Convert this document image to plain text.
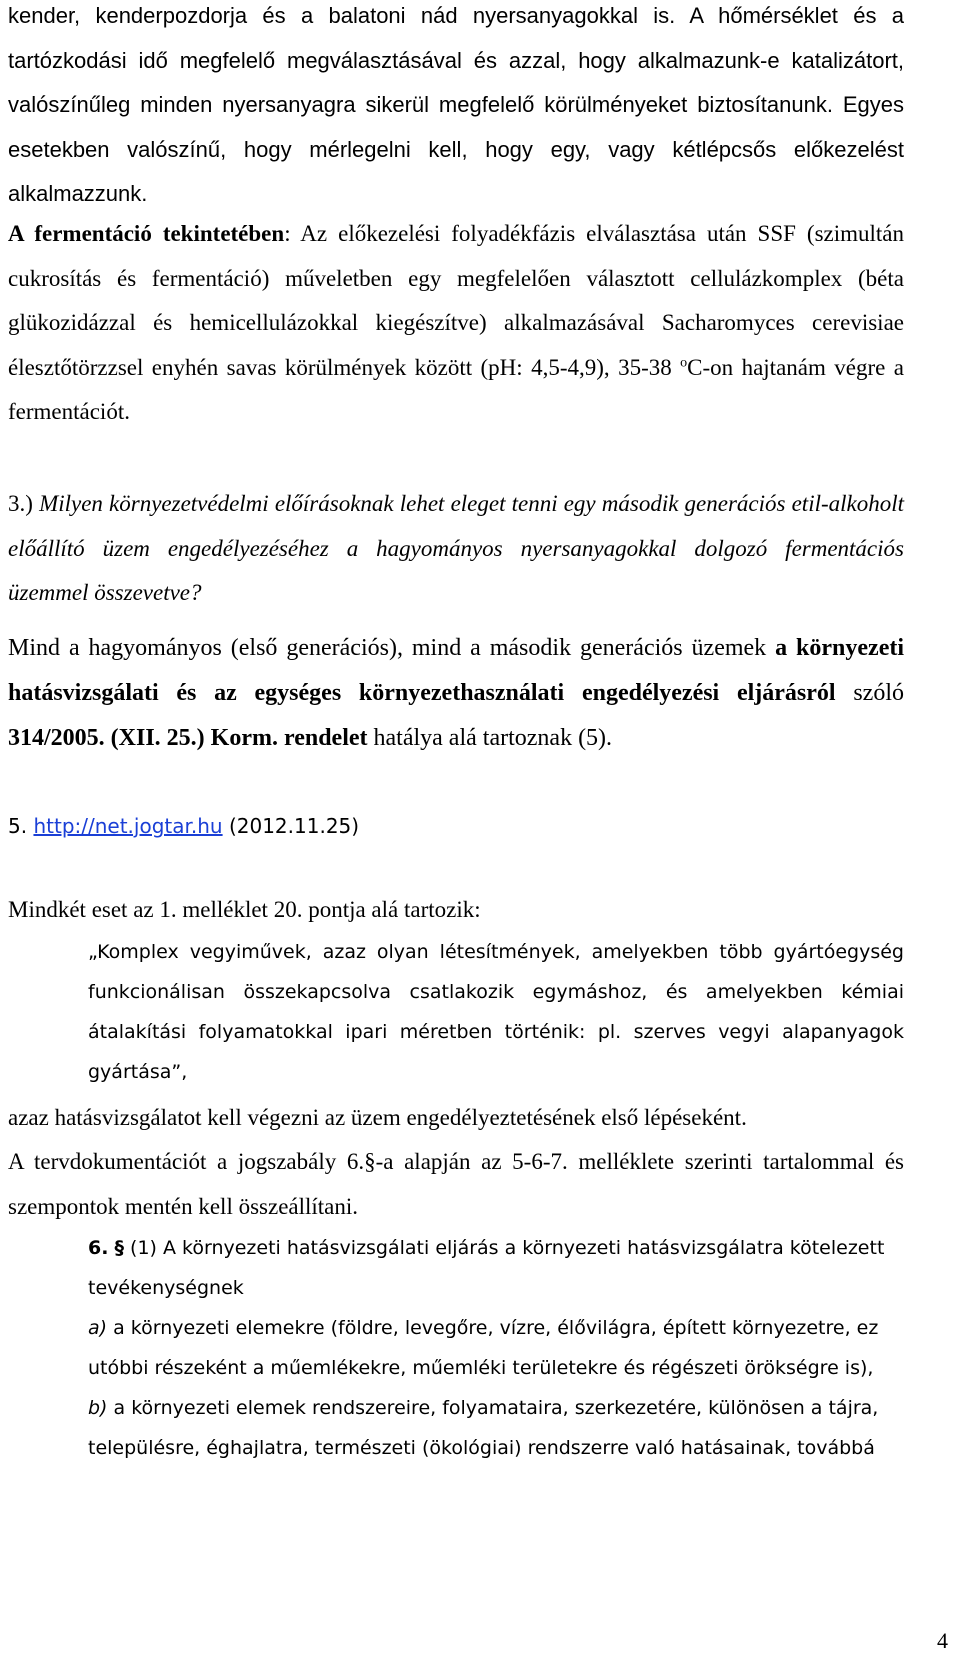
kender, kenderpozdorja és a balatoni nád nyersanyagokkal is. A hőmérséklet és a tartózkodási idő megfelelő megválasztásával és azzal, hogy alkalmazunk-e katalizátort, valószínűleg minden nyersanyagra sikerül megfelelő körülményeket biztosítanunk. Egyes esetekben valószínű, hogy mérlegelni kell, hogy egy, vagy kétlépcsős előkezelést alkalmazzunk.

A fermentáció tekintetében: Az előkezelési folyadékfázis elválasztása után SSF (szimultán cukrosítás és fermentáció) műveletben egy megfelelően választott cellulázkomplex (béta glükozidázzal és hemicellulázokkal kiegészítve) alkalmazásával Sacharomyces cerevisiae élesztőtörzzsel enyhén savas körülmények között (pH: 4,5-4,9), 35-38 $^o$C-on hajtanám végre a fermentációt.

3.) Milyen környezetvédelmi előírásoknak lehet eleget tenni egy második generációs etil-alkoholt előállító üzem engedélyezéséhez a hagyományos nyersanyagokkal dolgozó fermentációs üzemmel összevetve?

Mind a hagyományos (első generációs), mind a második generációs üzemek a környezeti hatásvizsgálati és az egységes környezethasználati engedélyezési eljárásról szóló 314/2005. (XII. 25.) Korm. rendelet hatálya alá tartoznak (5).

5. http://net.jogtar.hu (2012.11.25)

Mindkét eset az 1. melléklet 20. pontja alá tartozik:

„Komplex vegyiművek, azaz olyan létesítmények, amelyekben több gyártóegység funkcionálisan összekapcsolva csatlakozik egymáshoz, és amelyekben kémiai átalakítási folyamatokkal ipari méretben történik: pl. szerves vegyi alapanyagok gyártása”,

azaz hatásvizsgálatot kell végezni az üzem engedélyeztetésének első lépéseként.

A tervdokumentációt a jogszabály 6.§-a alapján az 5-6-7. melléklete szerinti tartalommal és szempontok mentén kell összeállítani.

6. § (1) A környezeti hatásvizsgálati eljárás a környezeti hatásvizsgálatra kötelezett tevékenységnek
a) a környezeti elemekre (földre, levegőre, vízre, élővilágra, épített környezetre, ez utóbbi részeként a műemlékekre, műemléki területekre és régészeti örökségre is),
b) a környezeti elemek rendszereire, folyamataira, szerkezetére, különösen a tájra, településre, éghajlatra, természeti (ökológiai) rendszerre való hatásainak, továbbá
4
